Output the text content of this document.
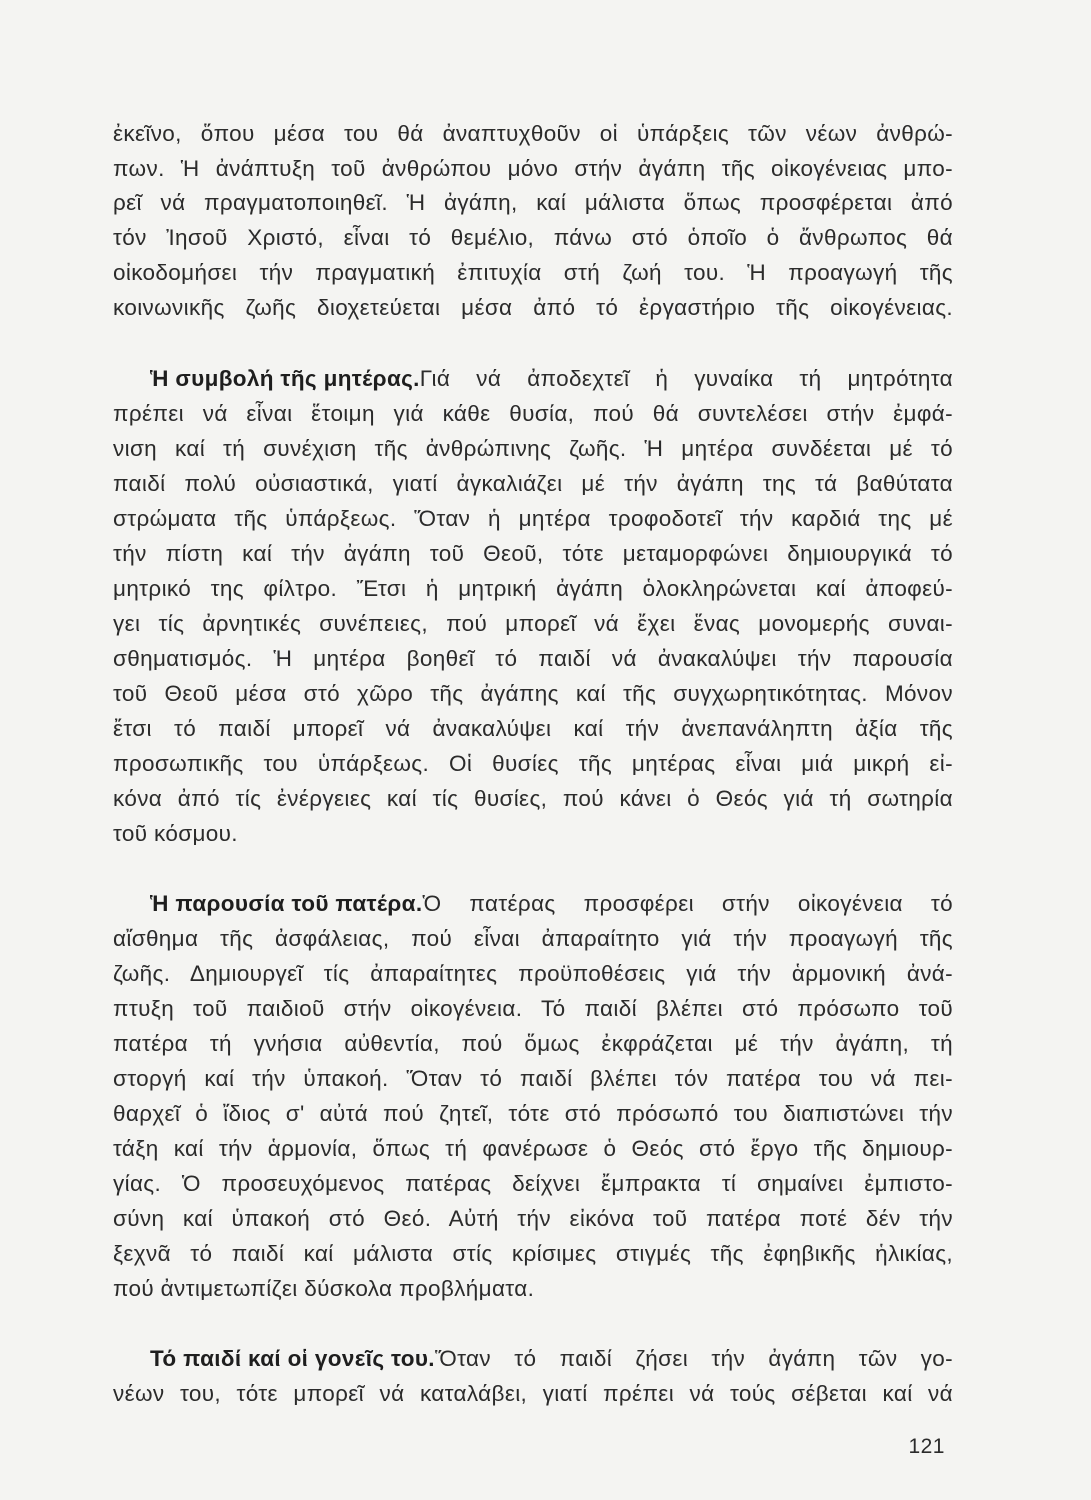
ἐκεῖνο, ὅπου μέσα του θά ἀναπτυχθοῦν οἱ ὑπάρξεις τῶν νέων ἀνθρώ-
πων. Ἡ ἀνάπτυξη τοῦ ἀνθρώπου μόνο στήν ἀγάπη τῆς οἰκογένειας μπο-
ρεῖ νά πραγματοποιηθεῖ. Ἡ ἀγάπη, καί μάλιστα ὅπως προσφέρεται ἀπό
τόν Ἰησοῦ Χριστό, εἶναι τό θεμέλιο, πάνω στό ὁποῖο ὁ ἄνθρωπος θά
οἰκοδομήσει τήν πραγματική ἐπιτυχία στή ζωή του. Ἡ προαγωγή τῆς
κοινωνικῆς ζωῆς διοχετεύεται μέσα ἀπό τό ἐργαστήριο τῆς οἰκογένειας.
Ἡ συμβολή τῆς μητέρας. Γιά νά ἀποδεχτεῖ ἡ γυναίκα τή μητρότητα
πρέπει νά εἶναι ἕτοιμη γιά κάθε θυσία, πού θά συντελέσει στήν ἐμφά-
νιση καί τή συνέχιση τῆς ἀνθρώπινης ζωῆς. Ἡ μητέρα συνδέεται μέ τό
παιδί πολύ οὐσιαστικά, γιατί ἀγκαλιάζει μέ τήν ἀγάπη της τά βαθύτατα
στρώματα τῆς ὑπάρξεως. Ὅταν ἡ μητέρα τροφοδοτεῖ τήν καρδιά της μέ
τήν πίστη καί τήν ἀγάπη τοῦ Θεοῦ, τότε μεταμορφώνει δημιουργικά τό
μητρικό της φίλτρο. Ἔτσι ἡ μητρική ἀγάπη ὁλοκληρώνεται καί ἀποφεύ-
γει τίς ἀρνητικές συνέπειες, πού μπορεῖ νά ἔχει ἕνας μονομερής συναι-
σθηματισμός. Ἡ μητέρα βοηθεῖ τό παιδί νά ἀνακαλύψει τήν παρουσία
τοῦ Θεοῦ μέσα στό χῶρο τῆς ἀγάπης καί τῆς συγχωρητικότητας. Μόνον
ἔτσι τό παιδί μπορεῖ νά ἀνακαλύψει καί τήν ἀνεπανάληπτη ἀξία τῆς
προσωπικῆς του ὑπάρξεως. Οἱ θυσίες τῆς μητέρας εἶναι μιά μικρή εἰ-
κόνα ἀπό τίς ἐνέργειες καί τίς θυσίες, πού κάνει ὁ Θεός γιά τή σωτηρία
τοῦ κόσμου.
Ἡ παρουσία τοῦ πατέρα. Ὁ πατέρας προσφέρει στήν οἰκογένεια τό
αἴσθημα τῆς ἀσφάλειας, πού εἶναι ἀπαραίτητο γιά τήν προαγωγή τῆς
ζωῆς. Δημιουργεῖ τίς ἀπαραίτητες προϋποθέσεις γιά τήν ἁρμονική ἀνά-
πτυξη τοῦ παιδιοῦ στήν οἰκογένεια. Τό παιδί βλέπει στό πρόσωπο τοῦ
πατέρα τή γνήσια αὐθεντία, πού ὅμως ἐκφράζεται μέ τήν ἀγάπη, τή
στοργή καί τήν ὑπακοή. Ὅταν τό παιδί βλέπει τόν πατέρα του νά πει-
θαρχεῖ ὁ ἴδιος σ' αὐτά πού ζητεῖ, τότε στό πρόσωπό του διαπιστώνει τήν
τάξη καί τήν ἁρμονία, ὅπως τή φανέρωσε ὁ Θεός στό ἔργο τῆς δημιουρ-
γίας. Ὁ προσευχόμενος πατέρας δείχνει ἔμπρακτα τί σημαίνει ἐμπιστο-
σύνη καί ὑπακοή στό Θεό. Αὐτή τήν εἰκόνα τοῦ πατέρα ποτέ δέν τήν
ξεχνᾶ τό παιδί καί μάλιστα στίς κρίσιμες στιγμές τῆς ἐφηβικῆς ἡλικίας,
πού ἀντιμετωπίζει δύσκολα προβλήματα.
Τό παιδί καί οἱ γονεῖς του. Ὅταν τό παιδί ζήσει τήν ἀγάπη τῶν γο-
νέων του, τότε μπορεῖ νά καταλάβει, γιατί πρέπει νά τούς σέβεται καί νά
121
